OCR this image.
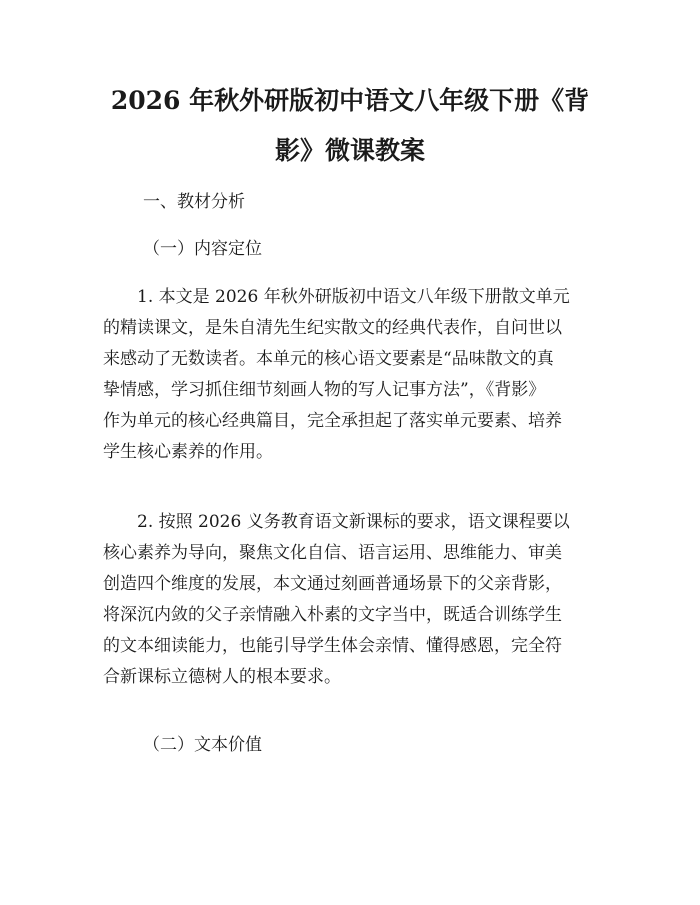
2026 年秋外研版初中语文八年级下册《背
影》微课教案

一、教材分析

（一）内容定位

1. 本文是 2026 年秋外研版初中语文八年级下册散文单元
的精读课文，是朱自清先生纪实散文的经典代表作，自问世以
来感动了无数读者。本单元的核心语文要素是“品味散文的真
挚情感，学习抓住细节刻画人物的写人记事方法”，《背影》
作为单元的核心经典篇目，完全承担起了落实单元要素、培养
学生核心素养的作用。
2. 按照 2026 义务教育语文新课标的要求，语文课程要以
核心素养为导向，聚焦文化自信、语言运用、思维能力、审美
创造四个维度的发展，本文通过刻画普通场景下的父亲背影，
将深沉内敛的父子亲情融入朴素的文字当中，既适合训练学生
的文本细读能力，也能引导学生体会亲情、懂得感恩，完全符
合新课标立德树人的根本要求。

（二）文本价值
